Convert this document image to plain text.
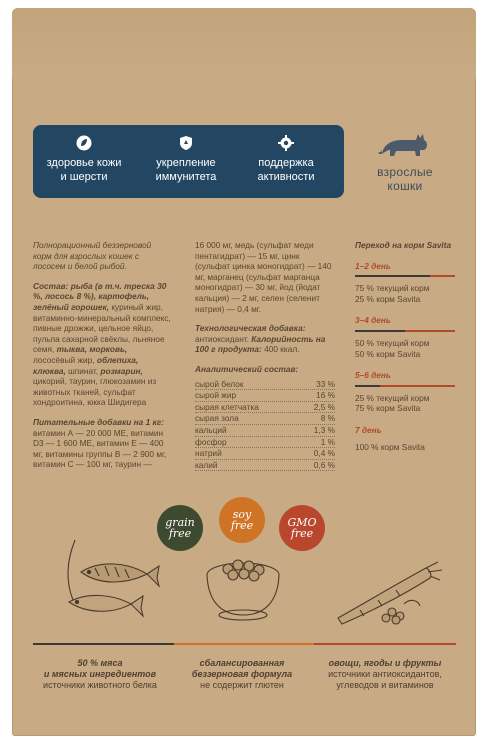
здоровье кожи
и шерсти
укрепление
иммунитета
поддержка
активности	взрослые
кошки
Полнорационный беззерновой корм для взрослых кошек с лососем и белой рыбой.
Состав: рыба (в т.ч. треска 30 %, лосось 8 %), картофель, зелёный горошек, куриный жир, витаминно-минеральный комплекс, пивные дрожжи, цельное яйцо, пульпа сахарной свёклы, льняное семя, тыква, морковь, лососёвый жир, облепиха, клюква, шпинат, розмарин, цикорий, таурин, глюкозамин из животных тканей, сульфат хондроитина, юкка Шидигера
Питательные добавки на 1 кг:
витамин А — 20 000 МЕ, витамин D3 — 1 600 МЕ, витамин Е — 400 мг, витамины группы В — 2 900 мг, витамин С — 100 мг, таурин —
16 000 мг, медь (сульфат меди пентагидрат) — 15 мг, цинк (сульфат цинка моногидрат) — 140 мг, марганец (сульфат марганца моногидрат) — 30 мг, йод (йодат кальция) — 2 мг, селен (селенит натрия) — 0,4 мг.
Технологическая добавка:
антиоксидант. Калорийность на 100 г продукта: 400 ккал.
Аналитический состав:
сырой белок	33 %
сырой жир	16 %
сырая клетчатка	2,5 %
сырая зола	8 %
кальций	1,3 %
фосфор	1 %
натрий	0,4 %
калий	0,6 %
Переход на корм Savita
1–2 день
75 % текущий корм
25 % корм Savita
3–4 день
50 % текущий корм
50 % корм Savita
5–6 день
25 % текущий корм
75 % корм Savita
7 день
100 % корм Savita
grain
free
soy
free	GMO
free
50 % мяса
и мясных ингредиентов
источники животного белка
сбалансированная
беззерновая формула
не содержит глютен
овощи, ягоды и фрукты
источники антиоксидантов,
углеводов и витаминов
